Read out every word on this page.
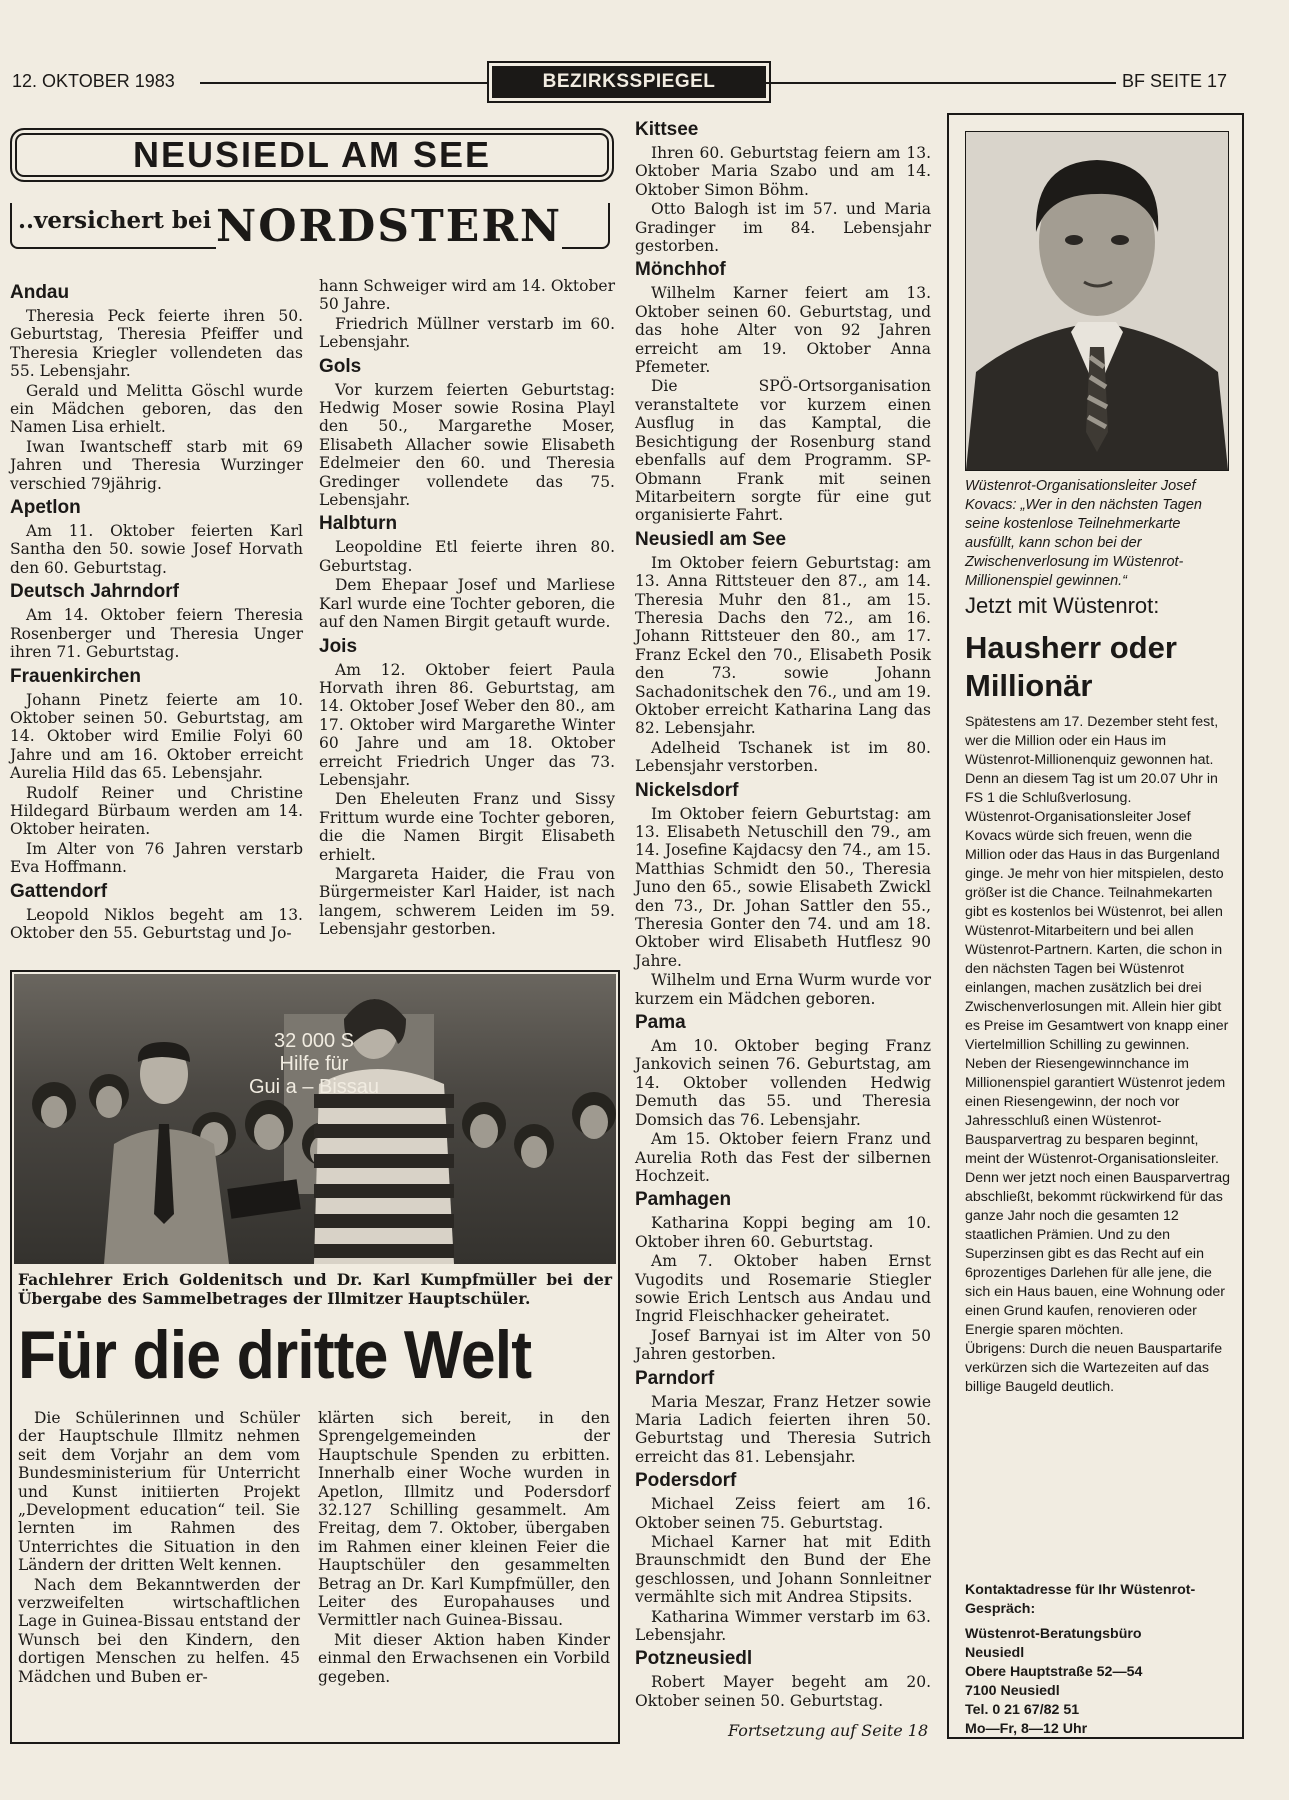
12. OKTOBER 1983	BEZIRKSSPIEGEL	BF SEITE 17
NEUSIEDL AM SEE
..versichert bei NORDSTERN
Andau

Theresia Peck feierte ihren 50. Geburtstag, Theresia Pfeiffer und Theresia Kriegler vollendeten das 55. Lebensjahr.

Gerald und Melitta Göschl wurde ein Mädchen geboren, das den Namen Lisa erhielt.

Iwan Iwantscheff starb mit 69 Jahren und Theresia Wurzinger verschied 79jährig.

Apetlon

Am 11. Oktober feierten Karl Santha den 50. sowie Josef Horvath den 60. Geburtstag.

Deutsch Jahrndorf

Am 14. Oktober feiern Theresia Rosenberger und Theresia Unger ihren 71. Geburtstag.

Frauenkirchen

Johann Pinetz feierte am 10. Oktober seinen 50. Geburtstag, am 14. Oktober wird Emilie Folyi 60 Jahre und am 16. Oktober erreicht Aurelia Hild das 65. Lebensjahr.

Rudolf Reiner und Christine Hildegard Bürbaum werden am 14. Oktober heiraten.

Im Alter von 76 Jahren verstarb Eva Hoffmann.

Gattendorf

Leopold Niklos begeht am 13. Oktober den 55. Geburtstag und Jo-

hann Schweiger wird am 14. Oktober 50 Jahre.

Friedrich Müllner verstarb im 60. Lebensjahr.

Gols

Vor kurzem feierten Geburtstag: Hedwig Moser sowie Rosina Playl den 50., Margarethe Moser, Elisabeth Allacher sowie Elisabeth Edelmeier den 60. und Theresia Gredinger vollendete das 75. Lebensjahr.

Halbturn

Leopoldine Etl feierte ihren 80. Geburtstag.

Dem Ehepaar Josef und Marliese Karl wurde eine Tochter geboren, die auf den Namen Birgit getauft wurde.

Jois

Am 12. Oktober feiert Paula Horvath ihren 86. Geburtstag, am 14. Oktober Josef Weber den 80., am 17. Oktober wird Margarethe Winter 60 Jahre und am 18. Oktober erreicht Friedrich Unger das 73. Lebensjahr.

Den Eheleuten Franz und Sissy Frittum wurde eine Tochter geboren, die die Namen Birgit Elisabeth erhielt.

Margareta Haider, die Frau von Bürgermeister Karl Haider, ist nach langem, schwerem Leiden im 59. Lebensjahr gestorben.

Kittsee

Ihren 60. Geburtstag feiern am 13. Oktober Maria Szabo und am 14. Oktober Simon Böhm.

Otto Balogh ist im 57. und Maria Gradinger im 84. Lebensjahr gestorben.

Mönchhof

Wilhelm Karner feiert am 13. Oktober seinen 60. Geburtstag, und das hohe Alter von 92 Jahren erreicht am 19. Oktober Anna Pfemeter.

Die SPÖ-Ortsorganisation veranstaltete vor kurzem einen Ausflug in das Kamptal, die Besichtigung der Rosenburg stand ebenfalls auf dem Programm. SP-Obmann Frank mit seinen Mitarbeitern sorgte für eine gut organisierte Fahrt.

Neusiedl am See

Im Oktober feiern Geburtstag: am 13. Anna Rittsteuer den 87., am 14. Theresia Muhr den 81., am 15. Theresia Dachs den 72., am 16. Johann Rittsteuer den 80., am 17. Franz Eckel den 70., Elisabeth Posik den 73. sowie Johann Sachadonitschek den 76., und am 19. Oktober erreicht Katharina Lang das 82. Lebensjahr.

Adelheid Tschanek ist im 80. Lebensjahr verstorben.

Nickelsdorf

Im Oktober feiern Geburtstag: am 13. Elisabeth Netuschill den 79., am 14. Josefine Kajdacsy den 74., am 15. Matthias Schmidt den 50., Theresia Juno den 65., sowie Elisabeth Zwickl den 73., Dr. Johan Sattler den 55., Theresia Gonter den 74. und am 18. Oktober wird Elisabeth Hutflesz 90 Jahre.

Wilhelm und Erna Wurm wurde vor kurzem ein Mädchen geboren.

Pama

Am 10. Oktober beging Franz Jankovich seinen 76. Geburtstag, am 14. Oktober vollenden Hedwig Demuth das 55. und Theresia Domsich das 76. Lebensjahr.

Am 15. Oktober feiern Franz und Aurelia Roth das Fest der silbernen Hochzeit.

Pamhagen

Katharina Koppi beging am 10. Oktober ihren 60. Geburtstag.

Am 7. Oktober haben Ernst Vugodits und Rosemarie Stiegler sowie Erich Lentsch aus Andau und Ingrid Fleischhacker geheiratet.

Josef Barnyai ist im Alter von 50 Jahren gestorben.

Parndorf

Maria Meszar, Franz Hetzer sowie Maria Ladich feierten ihren 50. Geburtstag und Theresia Sutrich erreicht das 81. Lebensjahr.

Podersdorf

Michael Zeiss feiert am 16. Oktober seinen 75. Geburtstag.

Michael Karner hat mit Edith Braunschmidt den Bund der Ehe geschlossen, und Johann Sonnleitner vermählte sich mit Andrea Stipsits.

Katharina Wimmer verstarb im 63. Lebensjahr.

Potzneusiedl

Robert Mayer begeht am 20. Oktober seinen 50. Geburtstag.

Fortsetzung auf Seite 18
32 000 S
Hilfe für
Gui a – Bissau
Fachlehrer Erich Goldenitsch und Dr. Karl Kumpfmüller bei der Übergabe des Sammelbetrages der Illmitzer Hauptschüler.
Für die dritte Welt

Die Schülerinnen und Schüler der Hauptschule Illmitz nehmen seit dem Vorjahr an dem vom Bundesministerium für Unterricht und Kunst initiierten Projekt „Development education“ teil. Sie lernten im Rahmen des Unterrichtes die Situation in den Ländern der dritten Welt kennen.

Nach dem Bekanntwerden der verzweifelten wirtschaftlichen Lage in Guinea-Bissau entstand der Wunsch bei den Kindern, den dortigen Menschen zu helfen. 45 Mädchen und Buben er-

klärten sich bereit, in den Sprengelgemeinden der Hauptschule Spenden zu erbitten. Innerhalb einer Woche wurden in Apetlon, Illmitz und Podersdorf 32.127 Schilling gesammelt. Am Freitag, dem 7. Oktober, übergaben im Rahmen einer kleinen Feier die Hauptschüler den gesammelten Betrag an Dr. Karl Kumpfmüller, den Leiter des Europahauses und Vermittler nach Guinea-Bissau.

Mit dieser Aktion haben Kinder einmal den Erwachsenen ein Vorbild gegeben.

Wüstenrot-Organisationsleiter Josef Kovacs: „Wer in den nächsten Tagen seine kostenlose Teilnehmerkarte ausfüllt, kann schon bei der Zwischenverlosung im Wüstenrot-Millionenspiel gewinnen.“
Jetzt mit Wüstenrot:
Hausherr oder
Millionär

Spätestens am 17. Dezember steht fest, wer die Million oder ein Haus im Wüstenrot-Millionenquiz gewonnen hat. Denn an diesem Tag ist um 20.07 Uhr in FS 1 die Schlußverlosung.

Wüstenrot-Organisationsleiter Josef Kovacs würde sich freuen, wenn die Million oder das Haus in das Burgenland ginge. Je mehr von hier mitspielen, desto größer ist die Chance. Teilnahmekarten gibt es kostenlos bei Wüstenrot, bei allen Wüstenrot-Mitarbeitern und bei allen Wüstenrot-Partnern. Karten, die schon in den nächsten Tagen bei Wüstenrot einlangen, machen zusätzlich bei drei Zwischenverlosungen mit. Allein hier gibt es Preise im Gesamtwert von knapp einer Viertelmillion Schilling zu gewinnen.

Neben der Riesengewinnchance im Millionenspiel garantiert Wüstenrot jedem einen Riesengewinn, der noch vor Jahresschluß einen Wüstenrot-Bausparvertrag zu besparen beginnt, meint der Wüstenrot-Organisationsleiter. Denn wer jetzt noch einen Bausparvertrag abschließt, bekommt rückwirkend für das ganze Jahr noch die gesamten 12 staatlichen Prämien. Und zu den Superzinsen gibt es das Recht auf ein 6prozentiges Darlehen für alle jene, die sich ein Haus bauen, eine Wohnung oder einen Grund kaufen, renovieren oder Energie sparen möchten.

Übrigens: Durch die neuen Bauspartarife verkürzen sich die Wartezeiten auf das billige Baugeld deutlich.

Kontaktadresse für Ihr Wüstenrot-Gespräch:
Wüstenrot-Beratungsbüro
Neusiedl
Obere Hauptstraße 52—54
7100 Neusiedl
Tel. 0 21 67/82 51
Mo—Fr, 8—12 Uhr
